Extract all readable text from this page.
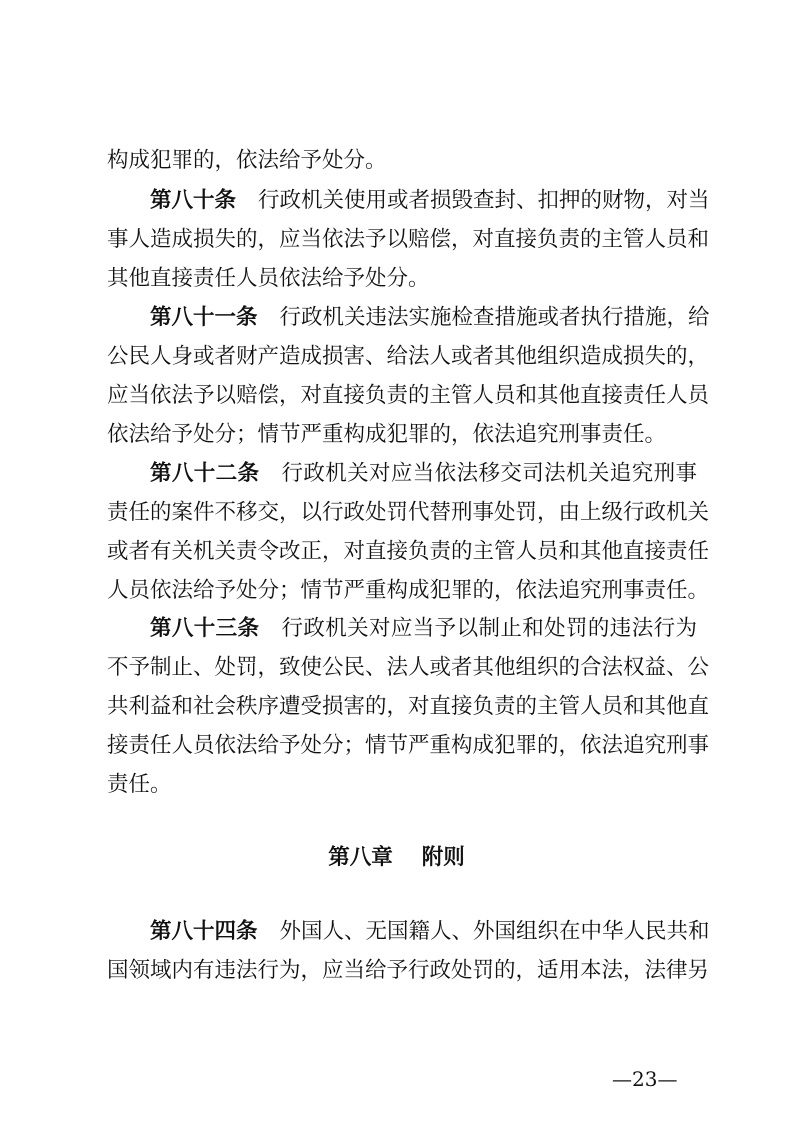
构成犯罪的，依法给予处分。
第八十条 行政机关使用或者损毁查封、扣押的财物，对当
事人造成损失的，应当依法予以赔偿，对直接负责的主管人员和
其他直接责任人员依法给予处分。
第八十一条 行政机关违法实施检查措施或者执行措施，给
公民人身或者财产造成损害、给法人或者其他组织造成损失的，
应当依法予以赔偿，对直接负责的主管人员和其他直接责任人员
依法给予处分；情节严重构成犯罪的，依法追究刑事责任。
第八十二条 行政机关对应当依法移交司法机关追究刑事
责任的案件不移交，以行政处罚代替刑事处罚，由上级行政机关
或者有关机关责令改正，对直接负责的主管人员和其他直接责任
人员依法给予处分；情节严重构成犯罪的，依法追究刑事责任。
第八十三条 行政机关对应当予以制止和处罚的违法行为
不予制止、处罚，致使公民、法人或者其他组织的合法权益、公
共利益和社会秩序遭受损害的，对直接负责的主管人员和其他直
接责任人员依法给予处分；情节严重构成犯罪的，依法追究刑事
责任。
第八章　 附则
第八十四条 外国人、无国籍人、外国组织在中华人民共和
国领域内有违法行为，应当给予行政处罚的，适用本法，法律另
—23—
